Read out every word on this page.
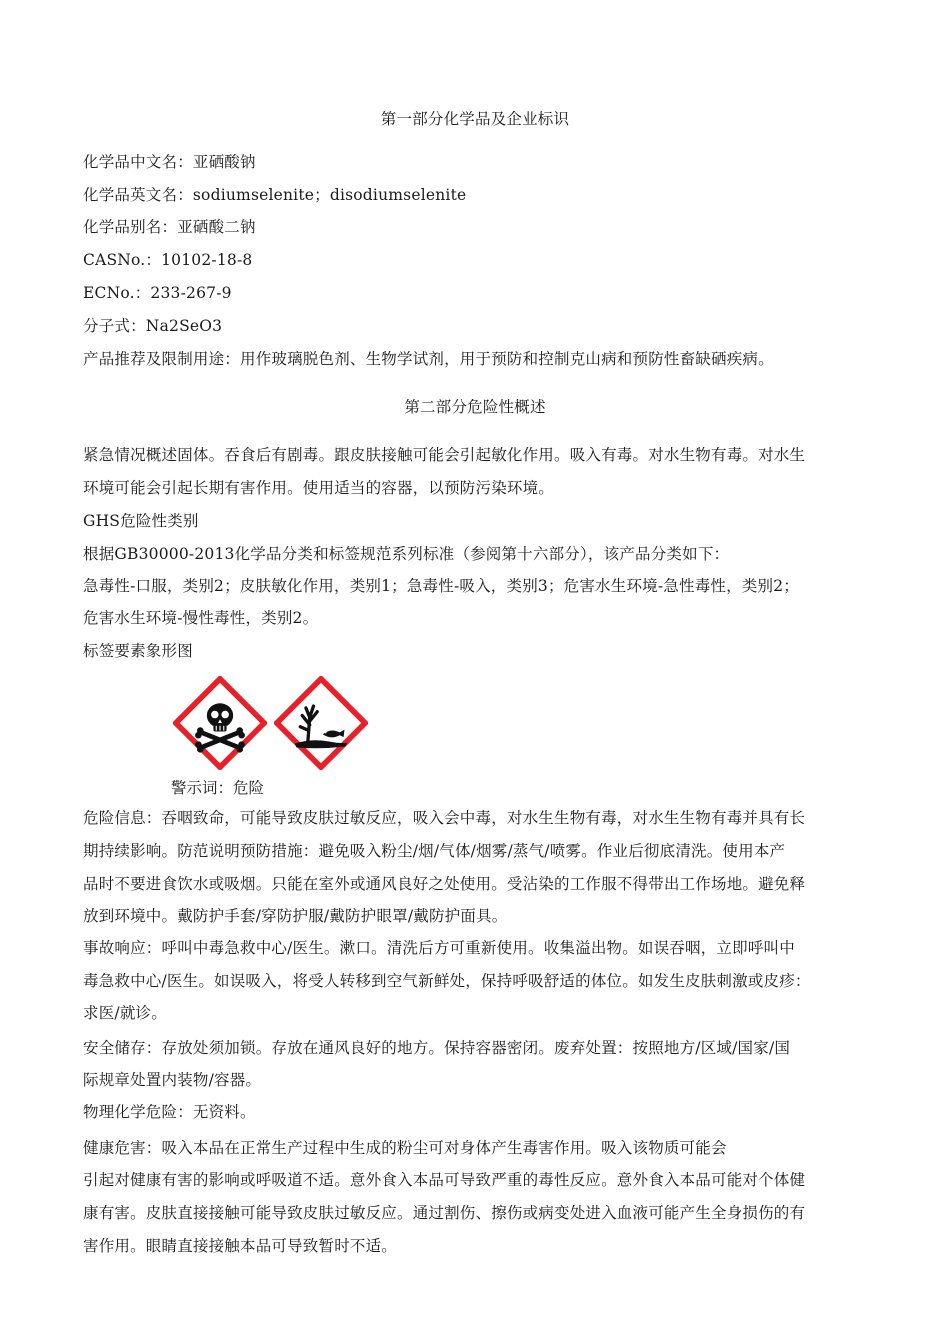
第一部分化学品及企业标识
化学品中文名：亚硒酸钠
化学品英文名：sodiumselenite；disodiumselenite
化学品别名：亚硒酸二钠
CASNo.：10102-18-8
ECNo.：233-267-9
分子式：Na2SeO3
产品推荐及限制用途：用作玻璃脱色剂、生物学试剂，用于预防和控制克山病和预防性畜缺硒疾病。
第二部分危险性概述
紧急情况概述固体。吞食后有剧毒。跟皮肤接触可能会引起敏化作用。吸入有毒。对水生物有毒。对水生
环境可能会引起长期有害作用。使用适当的容器，以预防污染环境。
GHS危险性类别
根据GB30000-2013化学品分类和标签规范系列标准（参阅第十六部分），该产品分类如下：
急毒性-口服，类别2；皮肤敏化作用，类别1；急毒性-吸入，类别3；危害水生环境-急性毒性，类别2；
危害水生环境-慢性毒性，类别2。
标签要素象形图
警示词：危险
危险信息：吞咽致命，可能导致皮肤过敏反应，吸入会中毒，对水生生物有毒，对水生生物有毒并具有长
期持续影响。防范说明预防措施：避免吸入粉尘/烟/气体/烟雾/蒸气/喷雾。作业后彻底清洗。使用本产
品时不要进食饮水或吸烟。只能在室外或通风良好之处使用。受沾染的工作服不得带出工作场地。避免释
放到环境中。戴防护手套/穿防护服/戴防护眼罩/戴防护面具。
事故响应：呼叫中毒急救中心/医生。漱口。清洗后方可重新使用。收集溢出物。如误吞咽，立即呼叫中
毒急救中心/医生。如误吸入，将受人转移到空气新鲜处，保持呼吸舒适的体位。如发生皮肤刺激或皮疹：
求医/就诊。
安全储存：存放处须加锁。存放在通风良好的地方。保持容器密闭。废弃处置：按照地方/区域/国家/国
际规章处置内装物/容器。
物理化学危险：无资料。
健康危害：吸入本品在正常生产过程中生成的粉尘可对身体产生毒害作用。吸入该物质可能会
引起对健康有害的影响或呼吸道不适。意外食入本品可导致严重的毒性反应。意外食入本品可能对个体健
康有害。皮肤直接接触可能导致皮肤过敏反应。通过割伤、擦伤或病变处进入血液可能产生全身损伤的有
害作用。眼睛直接接触本品可导致暂时不适。
